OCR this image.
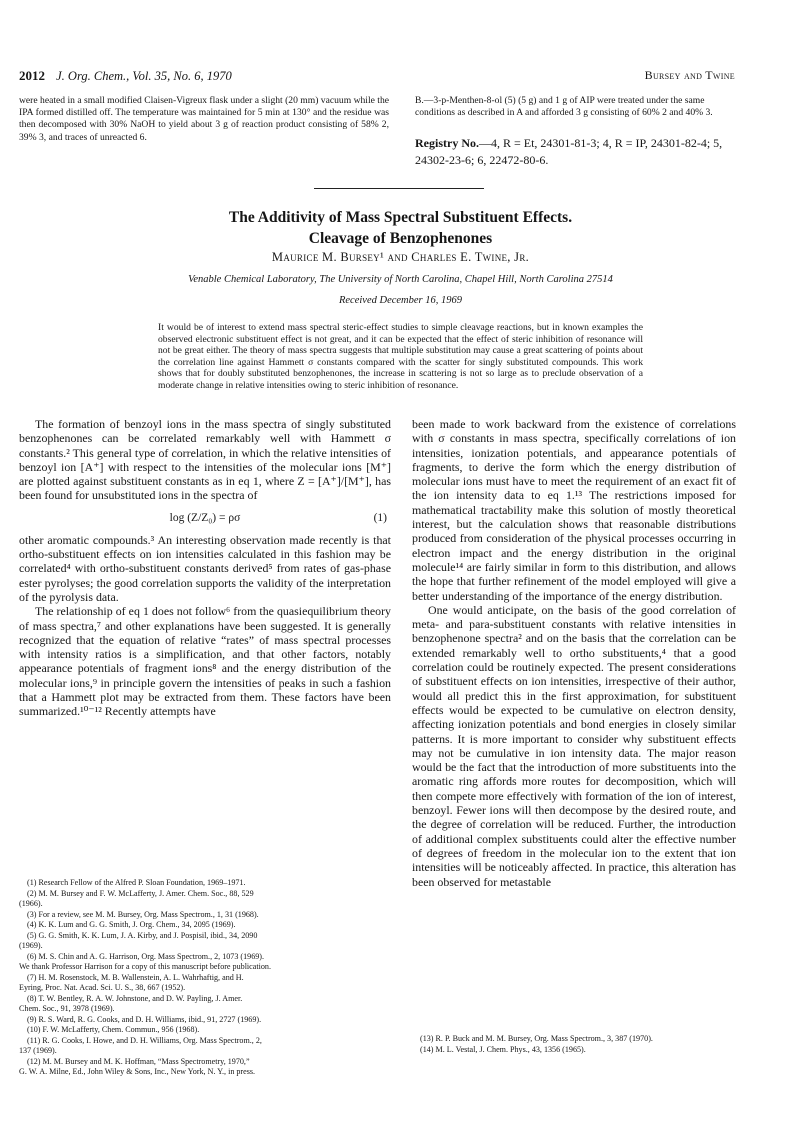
2012 J. Org. Chem., Vol. 35, No. 6, 1970	Bursey and Twine
were heated in a small modified Claisen-Vigreux flask under a slight (20 mm) vacuum while the IPA formed distilled off. The temperature was maintained for 5 min at 130° and the residue was then decomposed with 30% NaOH to yield about 3 g of reaction product consisting of 58% 2, 39% 3, and traces of unreacted 6.
B.—3-p-Menthen-8-ol (5) (5 g) and 1 g of AIP were treated under the same conditions as described in A and afforded 3 g consisting of 60% 2 and 40% 3.
Registry No.—4, R = Et, 24301-81-3; 4, R = IP, 24301-82-4; 5, 24302-23-6; 6, 22472-80-6.
The Additivity of Mass Spectral Substituent Effects.
Cleavage of Benzophenones
Maurice M. Bursey¹ and Charles E. Twine, Jr.
Venable Chemical Laboratory, The University of North Carolina, Chapel Hill, North Carolina 27514
Received December 16, 1969
It would be of interest to extend mass spectral steric-effect studies to simple cleavage reactions, but in known examples the observed electronic substituent effect is not great, and it can be expected that the effect of steric inhibition of resonance will not be great either. The theory of mass spectra suggests that multiple substitution may cause a great scattering of points about the correlation line against Hammett σ constants compared with the scatter for singly substituted compounds. This work shows that for doubly substituted benzophenones, the increase in scattering is not so large as to preclude observation of a moderate change in relative intensities owing to steric inhibition of resonance.

The formation of benzoyl ions in the mass spectra of singly substituted benzophenones can be correlated remarkably well with Hammett σ constants.² This general type of correlation, in which the relative intensities of benzoyl ion [A⁺] with respect to the intensities of the molecular ions [M⁺] are plotted against substituent constants as in eq 1, where Z = [A⁺]/[M⁺], has been found for unsubstituted ions in the spectra of

log (Z/Z₀) = ρσ	(1)

other aromatic compounds.³ An interesting observation made recently is that ortho-substituent effects on ion intensities calculated in this fashion may be correlated⁴ with ortho-substituent constants derived⁵ from rates of gas-phase ester pyrolyses; the good correlation supports the validity of the interpretation of the pyrolysis data.

The relationship of eq 1 does not follow⁶ from the quasiequilibrium theory of mass spectra,⁷ and other explanations have been suggested. It is generally recognized that the equation of relative “rates” of mass spectral processes with intensity ratios is a simplification, and that other factors, notably appearance potentials of fragment ions⁸ and the energy distribution of the molecular ions,⁹ in principle govern the intensities of peaks in such a fashion that a Hammett plot may be extracted from them. These factors have been summarized.¹⁰⁻¹² Recently attempts have

been made to work backward from the existence of correlations with σ constants in mass spectra, specifically correlations of ion intensities, ionization potentials, and appearance potentials of fragments, to derive the form which the energy distribution of molecular ions must have to meet the requirement of an exact fit of the ion intensity data to eq 1.¹³ The restrictions imposed for mathematical tractability make this solution of mostly theoretical interest, but the calculation shows that reasonable distributions produced from consideration of the physical processes occurring in electron impact and the energy distribution in the original molecule¹⁴ are fairly similar in form to this distribution, and allows the hope that further refinement of the model employed will give a better understanding of the importance of the energy distribution.

One would anticipate, on the basis of the good correlation of meta- and para-substituent constants with relative intensities in benzophenone spectra² and on the basis that the correlation can be extended remarkably well to ortho substituents,⁴ that a good correlation could be routinely expected. The present considerations of substituent effects on ion intensities, irrespective of their author, would all predict this in the first approximation, for substituent effects would be expected to be cumulative on electron density, affecting ionization potentials and bond energies in closely similar patterns. It is more important to consider why substituent effects may not be cumulative in ion intensity data. The major reason would be the fact that the introduction of more substituents into the aromatic ring affords more routes for decomposition, which will then compete more effectively with formation of the ion of interest, benzoyl. Fewer ions will then decompose by the desired route, and the degree of correlation will be reduced. Further, the introduction of additional complex substituents could alter the effective number of degrees of freedom in the molecular ion to the extent that ion intensities will be noticeably affected. In practice, this alteration has been observed for metastable

(1) Research Fellow of the Alfred P. Sloan Foundation, 1969–1971.
(2) M. M. Bursey and F. W. McLafferty, J. Amer. Chem. Soc., 88, 529
(1966).
(3) For a review, see M. M. Bursey, Org. Mass Spectrom., 1, 31 (1968).
(4) K. K. Lum and G. G. Smith, J. Org. Chem., 34, 2095 (1969).
(5) G. G. Smith, K. K. Lum, J. A. Kirby, and J. Pospisil, ibid., 34, 2090
(1969).
(6) M. S. Chin and A. G. Harrison, Org. Mass Spectrom., 2, 1073 (1969).
We thank Professor Harrison for a copy of this manuscript before publication.
(7) H. M. Rosenstock, M. B. Wallenstein, A. L. Wahrhaftig, and H.
Eyring, Proc. Nat. Acad. Sci. U. S., 38, 667 (1952).
(8) T. W. Bentley, R. A. W. Johnstone, and D. W. Payling, J. Amer.
Chem. Soc., 91, 3978 (1969).
(9) R. S. Ward, R. G. Cooks, and D. H. Williams, ibid., 91, 2727 (1969).
(10) F. W. McLafferty, Chem. Commun., 956 (1968).
(11) R. G. Cooks, I. Howe, and D. H. Williams, Org. Mass Spectrom., 2,
137 (1969).
(12) M. M. Bursey and M. K. Hoffman, “Mass Spectrometry, 1970,”
G. W. A. Milne, Ed., John Wiley & Sons, Inc., New York, N. Y., in press.
(13) R. P. Buck and M. M. Bursey, Org. Mass Spectrom., 3, 387 (1970).
(14) M. L. Vestal, J. Chem. Phys., 43, 1356 (1965).
